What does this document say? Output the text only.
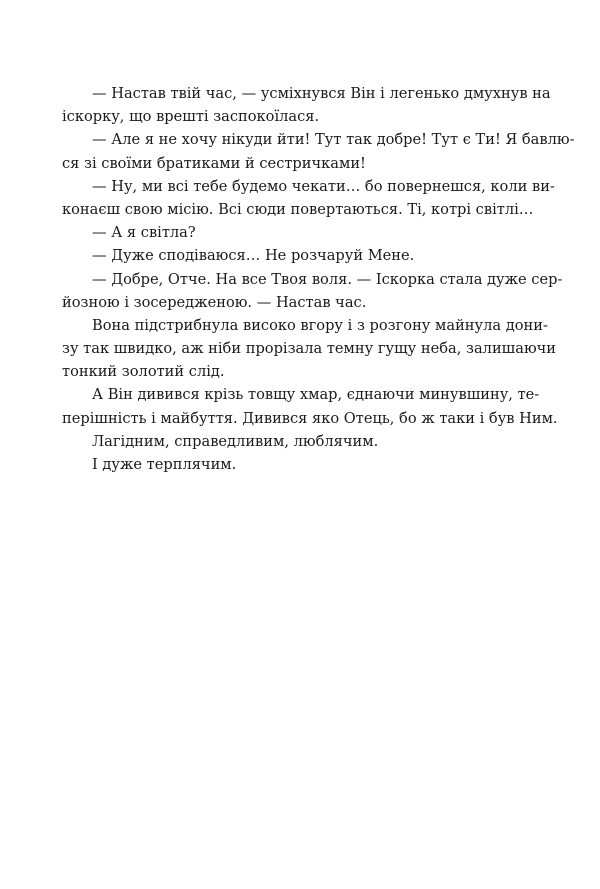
— Настав твій час, — усміхнувся Він і легенько дмухнув на
іскорку, що врешті заспокоїлася.
— Але я не хочу нікуди йти! Тут так добре! Тут є Ти! Я бавлю-
ся зі своїми братиками й сестричками!
— Ну, ми всі тебе будемо чекати… бо повернешся, коли ви-
конаєш свою місію. Всі сюди повертаються. Ті, котрі світлі…
— А я світла?
— Дуже сподіваюся… Не розчаруй Мене.
— Добре, Отче. На все Твоя воля. — Іскорка стала дуже сер-
йозною і зосередженою. — Настав час.
Вона підстрибнула високо вгору і з розгону майнула дони-
зу так швидко, аж ніби прорізала темну гущу неба, залишаючи
тонкий золотий слід.
А Він дивився крізь товщу хмар, єднаючи минувшину, те-
перішність і майбуття. Дивився яко Отець, бо ж таки і був Ним.
Лагідним, справедливим, люблячим.
І дуже терплячим.
